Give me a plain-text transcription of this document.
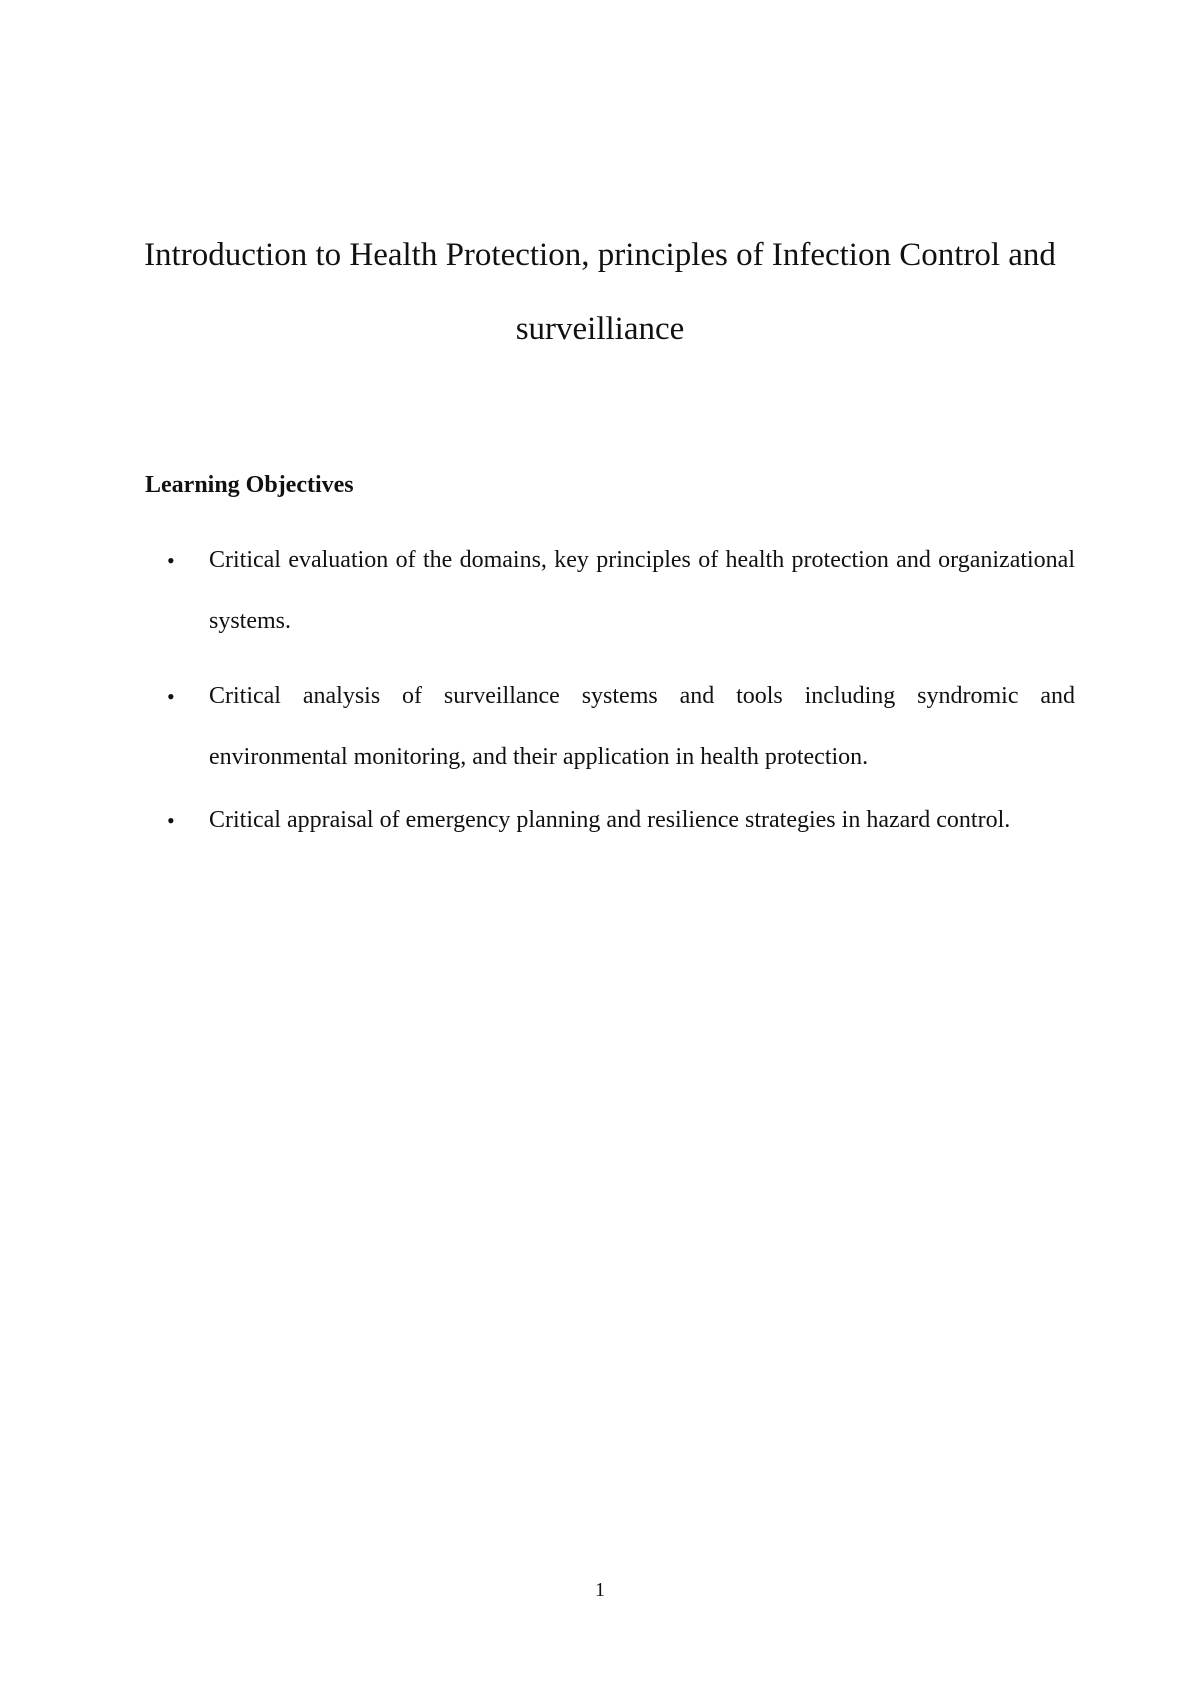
Introduction to Health Protection, principles of Infection Control and surveilliance
Learning Objectives
• Critical evaluation of the domains, key principles of health protection and organizational systems.
• Critical analysis of surveillance systems and tools including syndromic and environmental monitoring, and their application in health protection.
• Critical appraisal of emergency planning and resilience strategies in hazard control.
1
